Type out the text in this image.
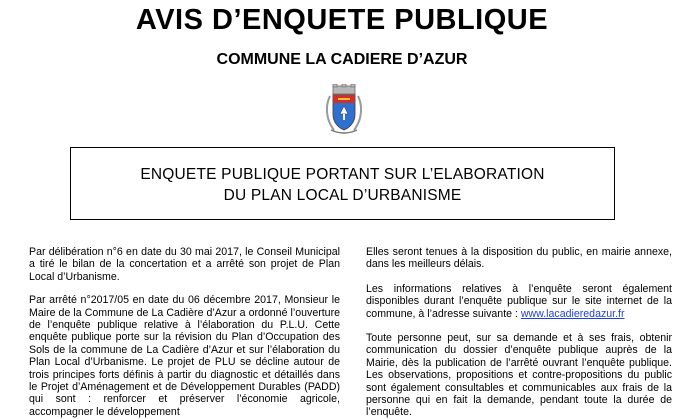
AVIS D’ENQUETE PUBLIQUE
COMMUNE LA CADIERE D’AZUR
ENQUETE PUBLIQUE PORTANT SUR L’ELABORATION
DU PLAN LOCAL D’URBANISME

Par délibération n°6 en date du 30 mai 2017, le Conseil Municipal a tiré le bilan de la concertation et a arrêté son projet de Plan Local d’Urbanisme.

Par arrêté n°2017/05 en date du 06 décembre 2017, Monsieur le Maire de la Commune de La Cadière d’Azur a ordonné l’ouverture de l’enquête publique relative à l’élaboration du P.L.U. Cette enquête publique porte sur la révision du Plan d’Occupation des Sols de la commune de La Cadière d’Azur et sur l’élaboration du Plan Local d’Urbanisme. Le projet de PLU se décline autour de trois principes forts définis à partir du diagnostic et détaillés dans le Projet d’Aménagement et de Développement Durables (PADD) qui sont : renforcer et préserver l’économie agricole, accompagner le développement

Elles seront tenues à la disposition du public, en mairie annexe, dans les meilleurs délais.

Les informations relatives à l’enquête seront également disponibles durant l’enquête publique sur le site internet de la commune, à l’adresse suivante : www.lacadieredazur.fr

Toute personne peut, sur sa demande et à ses frais, obtenir communication du dossier d’enquête publique auprès de la Mairie, dès la publication de l’arrêté ouvrant l’enquête publique. Les observations, propositions et contre-propositions du public sont également consultables et communicables aux frais de la personne qui en fait la demande, pendant toute la durée de l’enquête.
